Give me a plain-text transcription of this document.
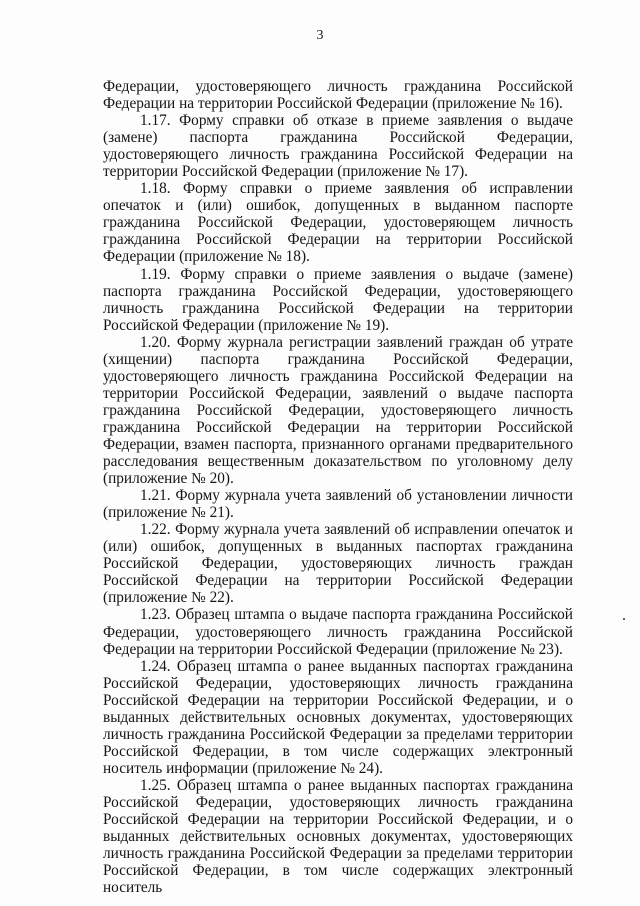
3

Федерации, удостоверяющего личность гражданина Российской Федерации на территории Российской Федерации (приложение № 16).

1.17. Форму справки об отказе в приеме заявления о выдаче (замене) паспорта гражданина Российской Федерации, удостоверяющего личность гражданина Российской Федерации на территории Российской Федерации (приложение № 17).

1.18. Форму справки о приеме заявления об исправлении опечаток и (или) ошибок, допущенных в выданном паспорте гражданина Российской Федерации, удостоверяющем личность гражданина Российской Федерации на территории Российской Федерации (приложение № 18).

1.19. Форму справки о приеме заявления о выдаче (замене) паспорта гражданина Российской Федерации, удостоверяющего личность гражданина Российской Федерации на территории Российской Федерации (приложение № 19).

1.20. Форму журнала регистрации заявлений граждан об утрате (хищении) паспорта гражданина Российской Федерации, удостоверяющего личность гражданина Российской Федерации на территории Российской Федерации, заявлений о выдаче паспорта гражданина Российской Федерации, удостоверяющего личность гражданина Российской Федерации на территории Российской Федерации, взамен паспорта, признанного органами предварительного расследования вещественным доказательством по уголовному делу (приложение № 20).

1.21. Форму журнала учета заявлений об установлении личности (приложение № 21).

1.22. Форму журнала учета заявлений об исправлении опечаток и (или) ошибок, допущенных в выданных паспортах гражданина Российской Федерации, удостоверяющих личность граждан Российской Федерации на территории Российской Федерации (приложение № 22).

1.23. Образец штампа о выдаче паспорта гражданина Российской Федерации, удостоверяющего личность гражданина Российской Федерации на территории Российской Федерации (приложение № 23).

1.24. Образец штампа о ранее выданных паспортах гражданина Российской Федерации, удостоверяющих личность гражданина Российской Федерации на территории Российской Федерации, и о выданных действительных основных документах, удостоверяющих личность гражданина Российской Федерации за пределами территории Российской Федерации, в том числе содержащих электронный носитель информации (приложение № 24).

1.25. Образец штампа о ранее выданных паспортах гражданина Российской Федерации, удостоверяющих личность гражданина Российской Федерации на территории Российской Федерации, и о выданных действительных основных документах, удостоверяющих личность гражданина Российской Федерации за пределами территории Российской Федерации, в том числе содержащих электронный носитель
